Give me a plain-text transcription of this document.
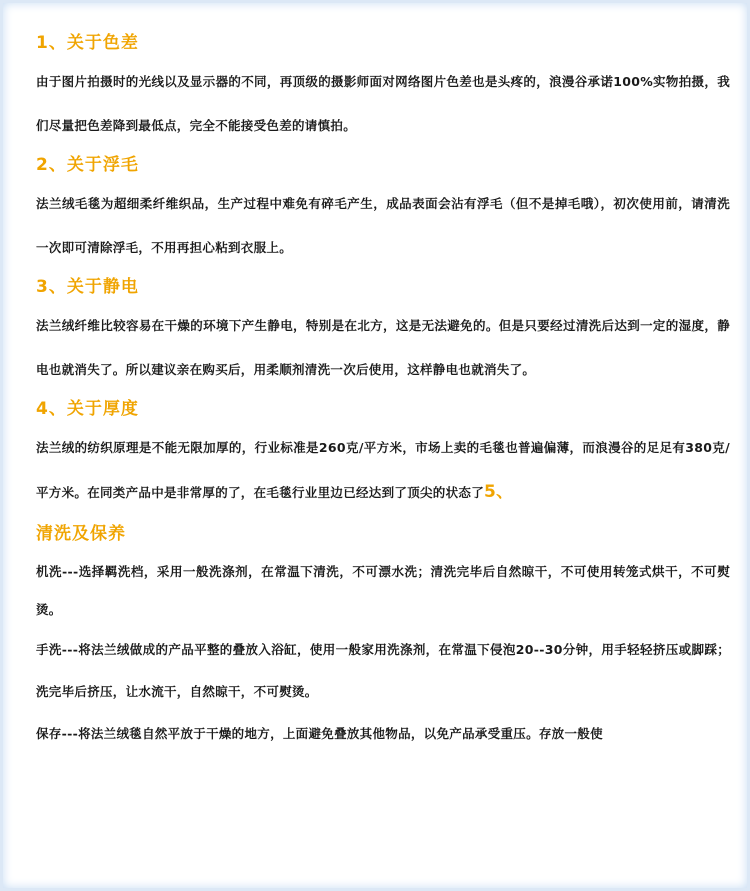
1、关于色差

由于图片拍摄时的光线以及显示器的不同，再顶级的摄影师面对网络图片色差也是头疼的，浪漫谷承诺100%实物拍摄，我们尽量把色差降到最低点，完全不能接受色差的请慎拍。

2、关于浮毛

法兰绒毛毯为超细柔纤维织品，生产过程中难免有碎毛产生，成品表面会沾有浮毛（但不是掉毛哦），初次使用前，请清洗一次即可清除浮毛，不用再担心粘到衣服上。

3、关于静电

法兰绒纤维比较容易在干燥的环境下产生静电，特别是在北方，这是无法避免的。但是只要经过清洗后达到一定的湿度，静电也就消失了。所以建议亲在购买后，用柔顺剂清洗一次后使用，这样静电也就消失了。

4、关于厚度

法兰绒的纺织原理是不能无限加厚的，行业标准是260克/平方米，市场上卖的毛毯也普遍偏薄，而浪漫谷的足足有380克/平方米。在同类产品中是非常厚的了，在毛毯行业里边已经达到了顶尖的状态了5、

清洗及保养

机洗---选择羁洗档，采用一般洗涤剂，在常温下清洗，不可漂水洗；清洗完毕后自然晾干，不可使用转笼式烘干，不可熨烫。

手洗---将法兰绒做成的产品平整的叠放入浴缸，使用一般家用洗涤剂，在常温下侵泡20--30分钟，用手轻轻挤压或脚踩；洗完毕后挤压，让水流干，自然晾干，不可熨烫。

保存---将法兰绒毯自然平放于干燥的地方，上面避免叠放其他物品，以免产品承受重压。存放一般使
